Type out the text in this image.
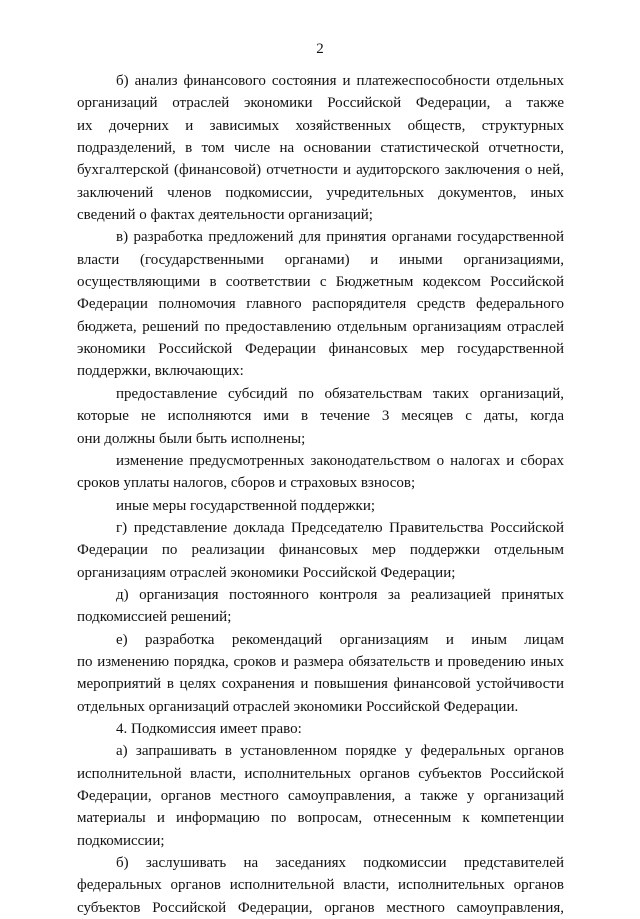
2
б) анализ финансового состояния и платежеспособности отдельных
организаций отраслей экономики Российской Федерации, а также
их дочерних и зависимых хозяйственных обществ, структурных
подразделений, в том числе на основании статистической отчетности,
бухгалтерской (финансовой) отчетности и аудиторского заключения о ней,
заключений членов подкомиссии, учредительных документов, иных
сведений о фактах деятельности организаций;
в) разработка предложений для принятия органами государственной
власти (государственными органами) и иными организациями,
осуществляющими в соответствии с Бюджетным кодексом Российской
Федерации полномочия главного распорядителя средств федерального
бюджета, решений по предоставлению отдельным организациям отраслей
экономики Российской Федерации финансовых мер государственной
поддержки, включающих:
предоставление субсидий по обязательствам таких организаций,
которые не исполняются ими в течение 3 месяцев с даты, когда
они должны были быть исполнены;
изменение предусмотренных законодательством о налогах и сборах
сроков уплаты налогов, сборов и страховых взносов;
иные меры государственной поддержки;
г) представление доклада Председателю Правительства Российской
Федерации по реализации финансовых мер поддержки отдельным
организациям отраслей экономики Российской Федерации;
д) организация постоянного контроля за реализацией принятых
подкомиссией решений;
е) разработка рекомендаций организациям и иным лицам
по изменению порядка, сроков и размера обязательств и проведению иных
мероприятий в целях сохранения и повышения финансовой устойчивости
отдельных организаций отраслей экономики Российской Федерации.
4. Подкомиссия имеет право:
а) запрашивать в установленном порядке у федеральных органов
исполнительной власти, исполнительных органов субъектов Российской
Федерации, органов местного самоуправления, а также у организаций
материалы и информацию по вопросам, отнесенным к компетенции
подкомиссии;
б) заслушивать на заседаниях подкомиссии представителей
федеральных органов исполнительной власти, исполнительных органов
субъектов Российской Федерации, органов местного самоуправления,
